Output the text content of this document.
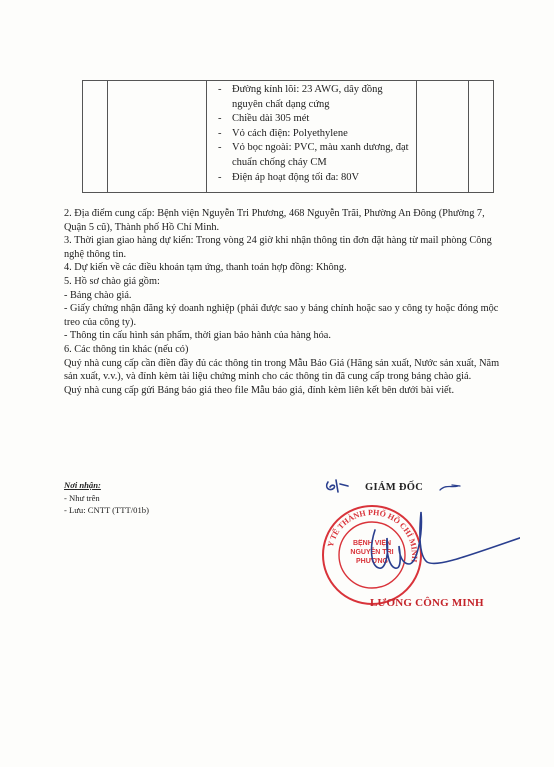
- Đường kính lõi: 23 AWG, dây đồng nguyên chất dạng cứng
- Chiều dài 305 mét
- Vỏ cách điện: Polyethylene
- Vỏ bọc ngoài: PVC, màu xanh dương, đạt chuẩn chống cháy CM
- Điện áp hoạt động tối đa: 80V

2. Địa điểm cung cấp: Bệnh viện Nguyễn Tri Phương, 468 Nguyễn Trãi, Phường An Đông (Phường 7, Quận 5 cũ), Thành phố Hồ Chí Minh.

3. Thời gian giao hàng dự kiến: Trong vòng 24 giờ khi nhận thông tin đơn đặt hàng từ mail phòng Công nghệ thông tin.

4. Dự kiến về các điều khoản tạm ứng, thanh toán hợp đồng: Không.

5. Hồ sơ chào giá gồm:

- Bảng chào giá.

- Giấy chứng nhận đăng ký doanh nghiệp (phải được sao y bảng chính hoặc sao y công ty hoặc đóng mộc treo của công ty).

- Thông tin cấu hình sản phẩm, thời gian bảo hành của hàng hóa.

6. Các thông tin khác (nếu có)

Quý nhà cung cấp cần điền đầy đủ các thông tin trong Mẫu Báo Giá (Hãng sản xuất, Nước sản xuất, Năm sản xuất, v.v.), và đính kèm tài liệu chứng minh cho các thông tin đã cung cấp trong bảng chào giá.

Quý nhà cung cấp gửi Bảng báo giá theo file Mẫu báo giá, đính kèm liên kết bên dưới bài viết.

Nơi nhận:
- Như trên
- Lưu: CNTT (TTT/01b)
GIÁM ĐỐC
Y TẾ THÀNH PHỐ HỒ CHÍ MINH
BỆNH VIỆN NGUYỄN TRI PHƯƠNG
LƯƠNG CÔNG MINH
